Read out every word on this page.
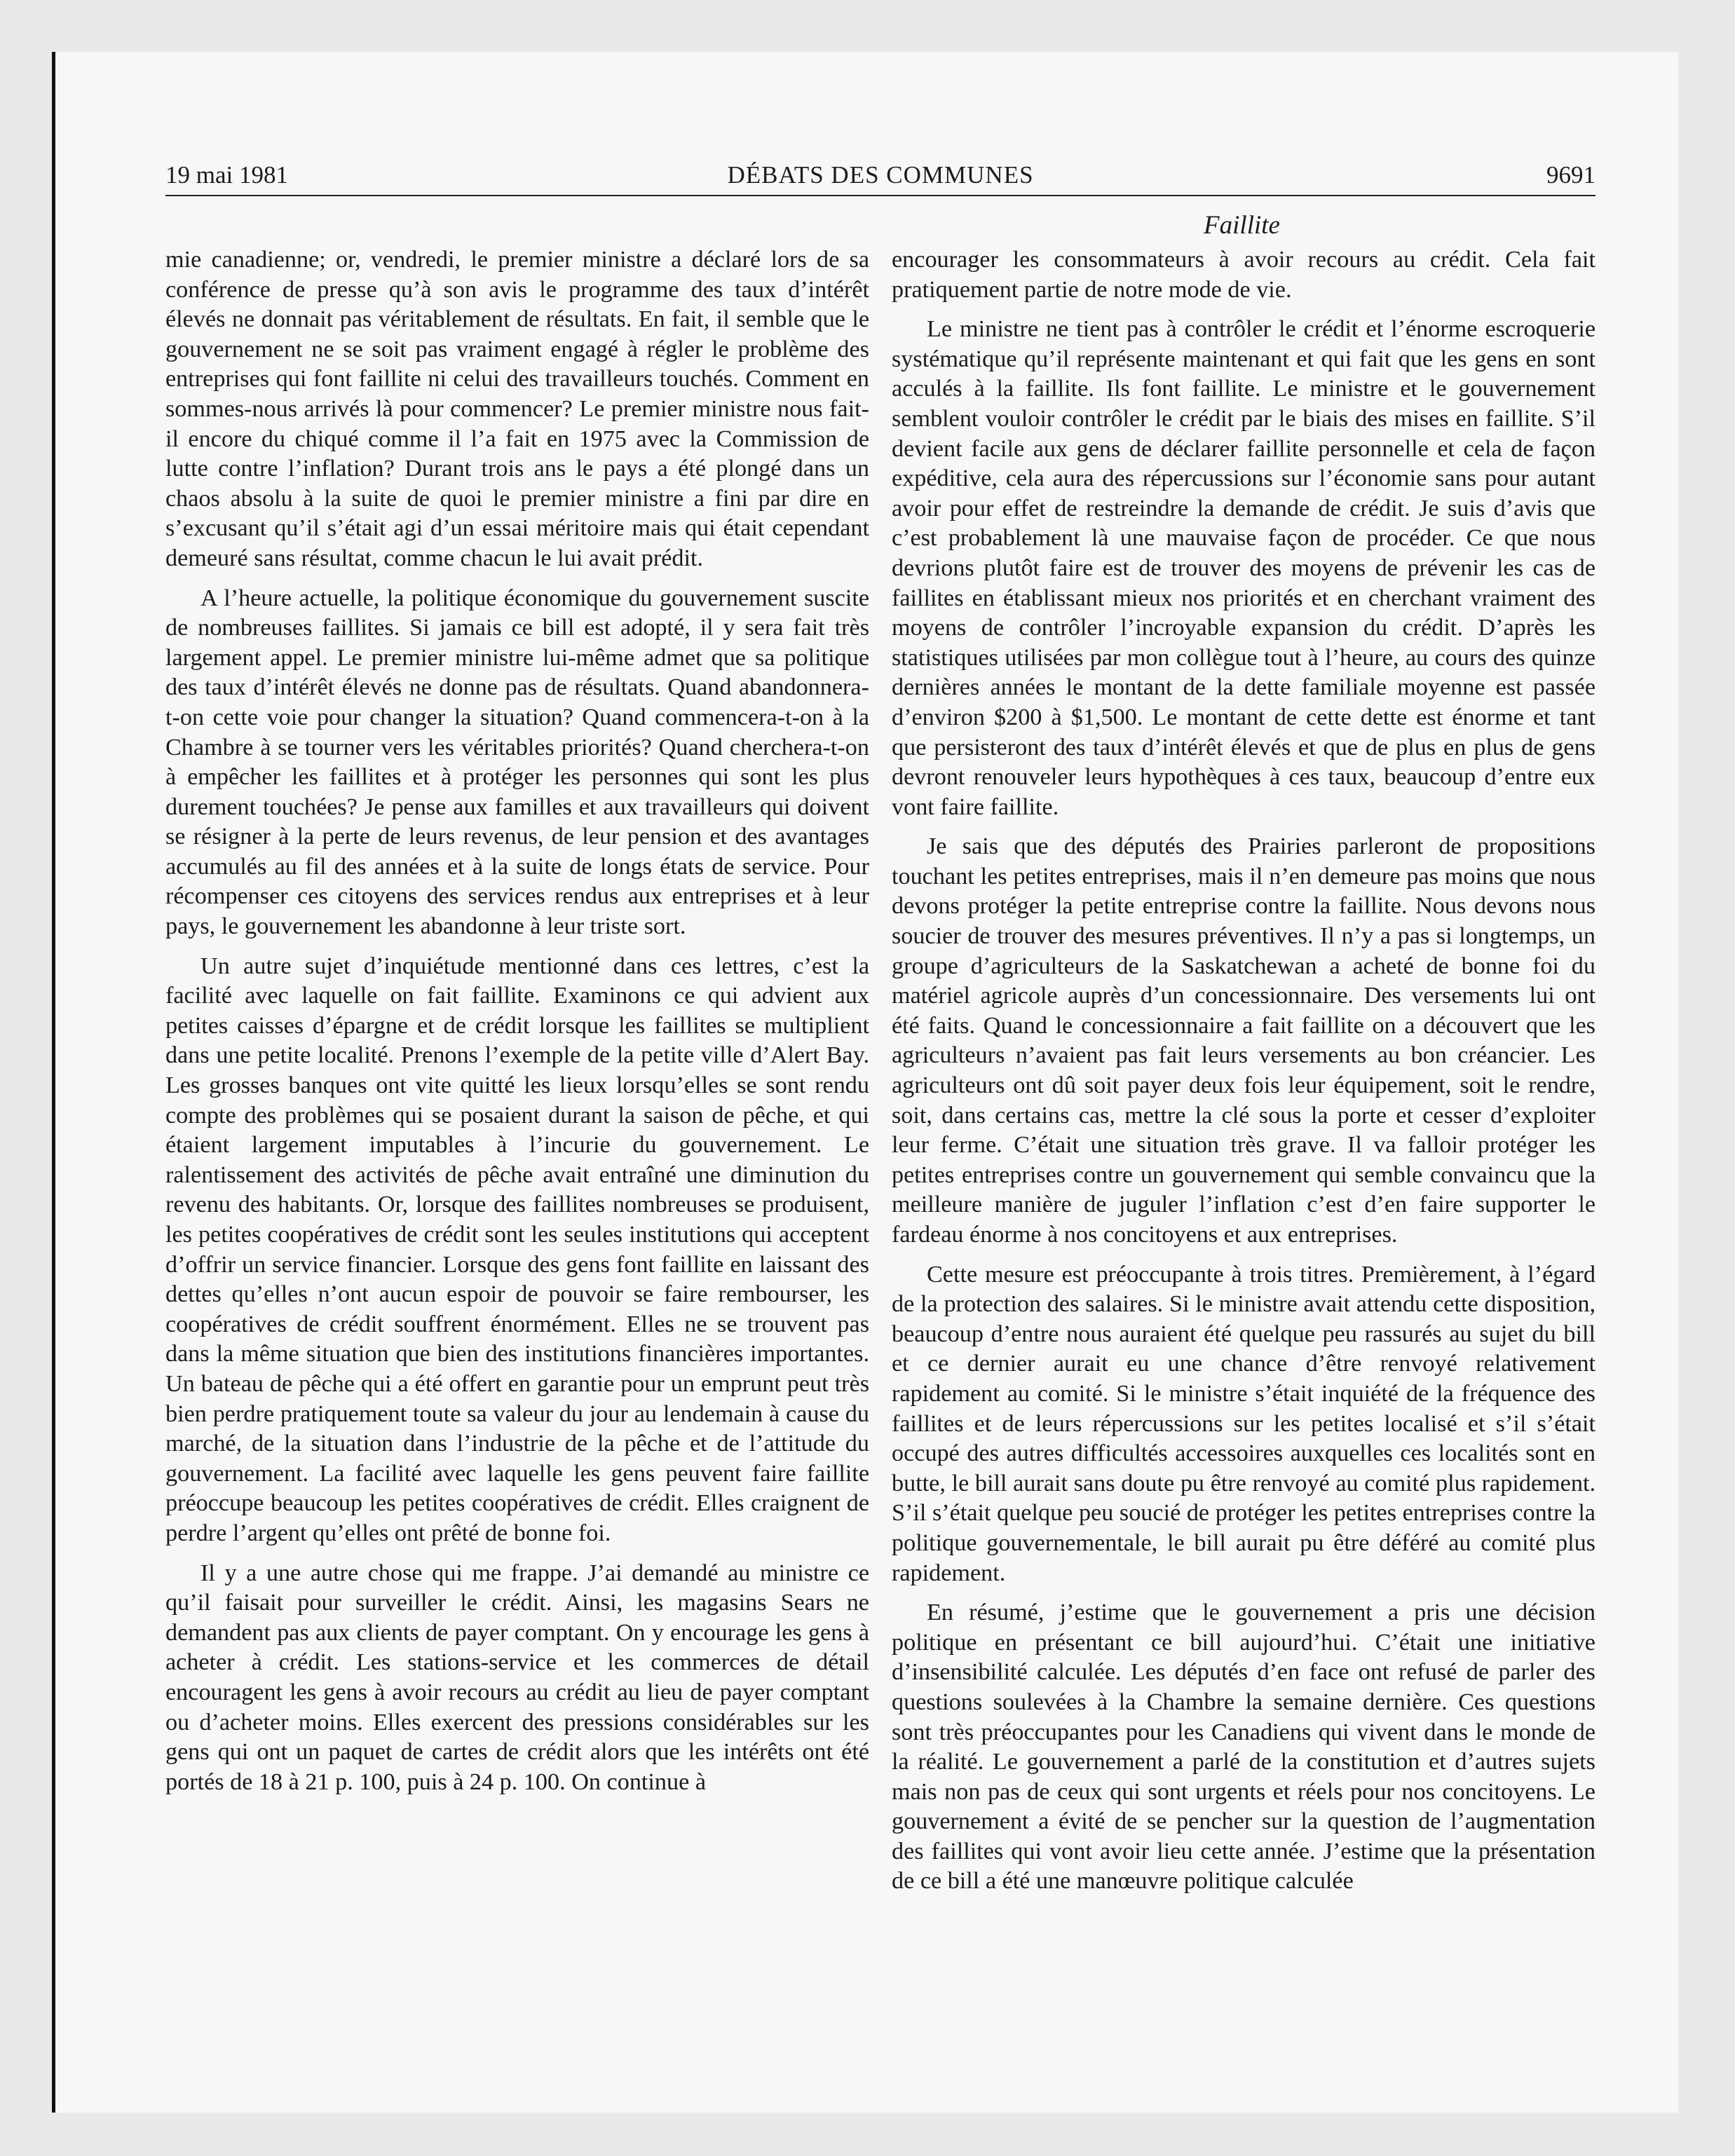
19 mai 1981	DÉBATS DES COMMUNES	9691
Faillite

mie canadienne; or, vendredi, le premier ministre a déclaré lors de sa conférence de presse qu’à son avis le programme des taux d’intérêt élevés ne donnait pas véritablement de résultats. En fait, il semble que le gouvernement ne se soit pas vraiment engagé à régler le problème des entreprises qui font faillite ni celui des travailleurs touchés. Comment en sommes-nous arrivés là pour commencer? Le premier ministre nous fait-il encore du chiqué comme il l’a fait en 1975 avec la Commission de lutte contre l’inflation? Durant trois ans le pays a été plongé dans un chaos absolu à la suite de quoi le premier ministre a fini par dire en s’excusant qu’il s’était agi d’un essai méritoire mais qui était cependant demeuré sans résultat, comme chacun le lui avait prédit.

A l’heure actuelle, la politique économique du gouvernement suscite de nombreuses faillites. Si jamais ce bill est adopté, il y sera fait très largement appel. Le premier ministre lui-même admet que sa politique des taux d’intérêt élevés ne donne pas de résultats. Quand abandonnera-t-on cette voie pour changer la situation? Quand commencera-t-on à la Chambre à se tourner vers les véritables priorités? Quand cherchera-t-on à empêcher les faillites et à protéger les personnes qui sont les plus durement touchées? Je pense aux familles et aux travailleurs qui doivent se résigner à la perte de leurs revenus, de leur pension et des avantages accumulés au fil des années et à la suite de longs états de service. Pour récompenser ces citoyens des services rendus aux entreprises et à leur pays, le gouvernement les abandonne à leur triste sort.

Un autre sujet d’inquiétude mentionné dans ces lettres, c’est la facilité avec laquelle on fait faillite. Examinons ce qui advient aux petites caisses d’épargne et de crédit lorsque les faillites se multiplient dans une petite localité. Prenons l’exemple de la petite ville d’Alert Bay. Les grosses banques ont vite quitté les lieux lorsqu’elles se sont rendu compte des problèmes qui se posaient durant la saison de pêche, et qui étaient largement imputables à l’incurie du gouvernement. Le ralentissement des activités de pêche avait entraîné une diminution du revenu des habitants. Or, lorsque des faillites nombreuses se produisent, les petites coopératives de crédit sont les seules institutions qui acceptent d’offrir un service financier. Lorsque des gens font faillite en laissant des dettes qu’elles n’ont aucun espoir de pouvoir se faire rembourser, les coopératives de crédit souffrent énormément. Elles ne se trouvent pas dans la même situation que bien des institutions financières importantes. Un bateau de pêche qui a été offert en garantie pour un emprunt peut très bien perdre pratiquement toute sa valeur du jour au lendemain à cause du marché, de la situation dans l’industrie de la pêche et de l’attitude du gouvernement. La facilité avec laquelle les gens peuvent faire faillite préoccupe beaucoup les petites coopératives de crédit. Elles craignent de perdre l’argent qu’elles ont prêté de bonne foi.

Il y a une autre chose qui me frappe. J’ai demandé au ministre ce qu’il faisait pour surveiller le crédit. Ainsi, les magasins Sears ne demandent pas aux clients de payer comptant. On y encourage les gens à acheter à crédit. Les stations-service et les commerces de détail encouragent les gens à avoir recours au crédit au lieu de payer comptant ou d’acheter moins. Elles exercent des pressions considérables sur les gens qui ont un paquet de cartes de crédit alors que les intérêts ont été portés de 18 à 21 p. 100, puis à 24 p. 100. On continue à

encourager les consommateurs à avoir recours au crédit. Cela fait pratiquement partie de notre mode de vie.

Le ministre ne tient pas à contrôler le crédit et l’énorme escroquerie systématique qu’il représente maintenant et qui fait que les gens en sont acculés à la faillite. Ils font faillite. Le ministre et le gouvernement semblent vouloir contrôler le crédit par le biais des mises en faillite. S’il devient facile aux gens de déclarer faillite personnelle et cela de façon expéditive, cela aura des répercussions sur l’économie sans pour autant avoir pour effet de restreindre la demande de crédit. Je suis d’avis que c’est probablement là une mauvaise façon de procéder. Ce que nous devrions plutôt faire est de trouver des moyens de prévenir les cas de faillites en établissant mieux nos priorités et en cherchant vraiment des moyens de contrôler l’incroyable expansion du crédit. D’après les statistiques utilisées par mon collègue tout à l’heure, au cours des quinze dernières années le montant de la dette familiale moyenne est passée d’environ $200 à $1,500. Le montant de cette dette est énorme et tant que persisteront des taux d’intérêt élevés et que de plus en plus de gens devront renouveler leurs hypothèques à ces taux, beaucoup d’entre eux vont faire faillite.

Je sais que des députés des Prairies parleront de propositions touchant les petites entreprises, mais il n’en demeure pas moins que nous devons protéger la petite entreprise contre la faillite. Nous devons nous soucier de trouver des mesures préventives. Il n’y a pas si longtemps, un groupe d’agriculteurs de la Saskatchewan a acheté de bonne foi du matériel agricole auprès d’un concessionnaire. Des versements lui ont été faits. Quand le concessionnaire a fait faillite on a découvert que les agriculteurs n’avaient pas fait leurs versements au bon créancier. Les agriculteurs ont dû soit payer deux fois leur équipement, soit le rendre, soit, dans certains cas, mettre la clé sous la porte et cesser d’exploiter leur ferme. C’était une situation très grave. Il va falloir protéger les petites entreprises contre un gouvernement qui semble convaincu que la meilleure manière de juguler l’inflation c’est d’en faire supporter le fardeau énorme à nos concitoyens et aux entreprises.

Cette mesure est préoccupante à trois titres. Premièrement, à l’égard de la protection des salaires. Si le ministre avait attendu cette disposition, beaucoup d’entre nous auraient été quelque peu rassurés au sujet du bill et ce dernier aurait eu une chance d’être renvoyé relativement rapidement au comité. Si le ministre s’était inquiété de la fréquence des faillites et de leurs répercussions sur les petites localisé et s’il s’était occupé des autres difficultés accessoires auxquelles ces localités sont en butte, le bill aurait sans doute pu être renvoyé au comité plus rapidement. S’il s’était quelque peu soucié de protéger les petites entreprises contre la politique gouvernementale, le bill aurait pu être déféré au comité plus rapidement.

En résumé, j’estime que le gouvernement a pris une décision politique en présentant ce bill aujourd’hui. C’était une initiative d’insensibilité calculée. Les députés d’en face ont refusé de parler des questions soulevées à la Chambre la semaine dernière. Ces questions sont très préoccupantes pour les Canadiens qui vivent dans le monde de la réalité. Le gouvernement a parlé de la constitution et d’autres sujets mais non pas de ceux qui sont urgents et réels pour nos concitoyens. Le gouvernement a évité de se pencher sur la question de l’augmentation des faillites qui vont avoir lieu cette année. J’estime que la présentation de ce bill a été une manœuvre politique calculée
